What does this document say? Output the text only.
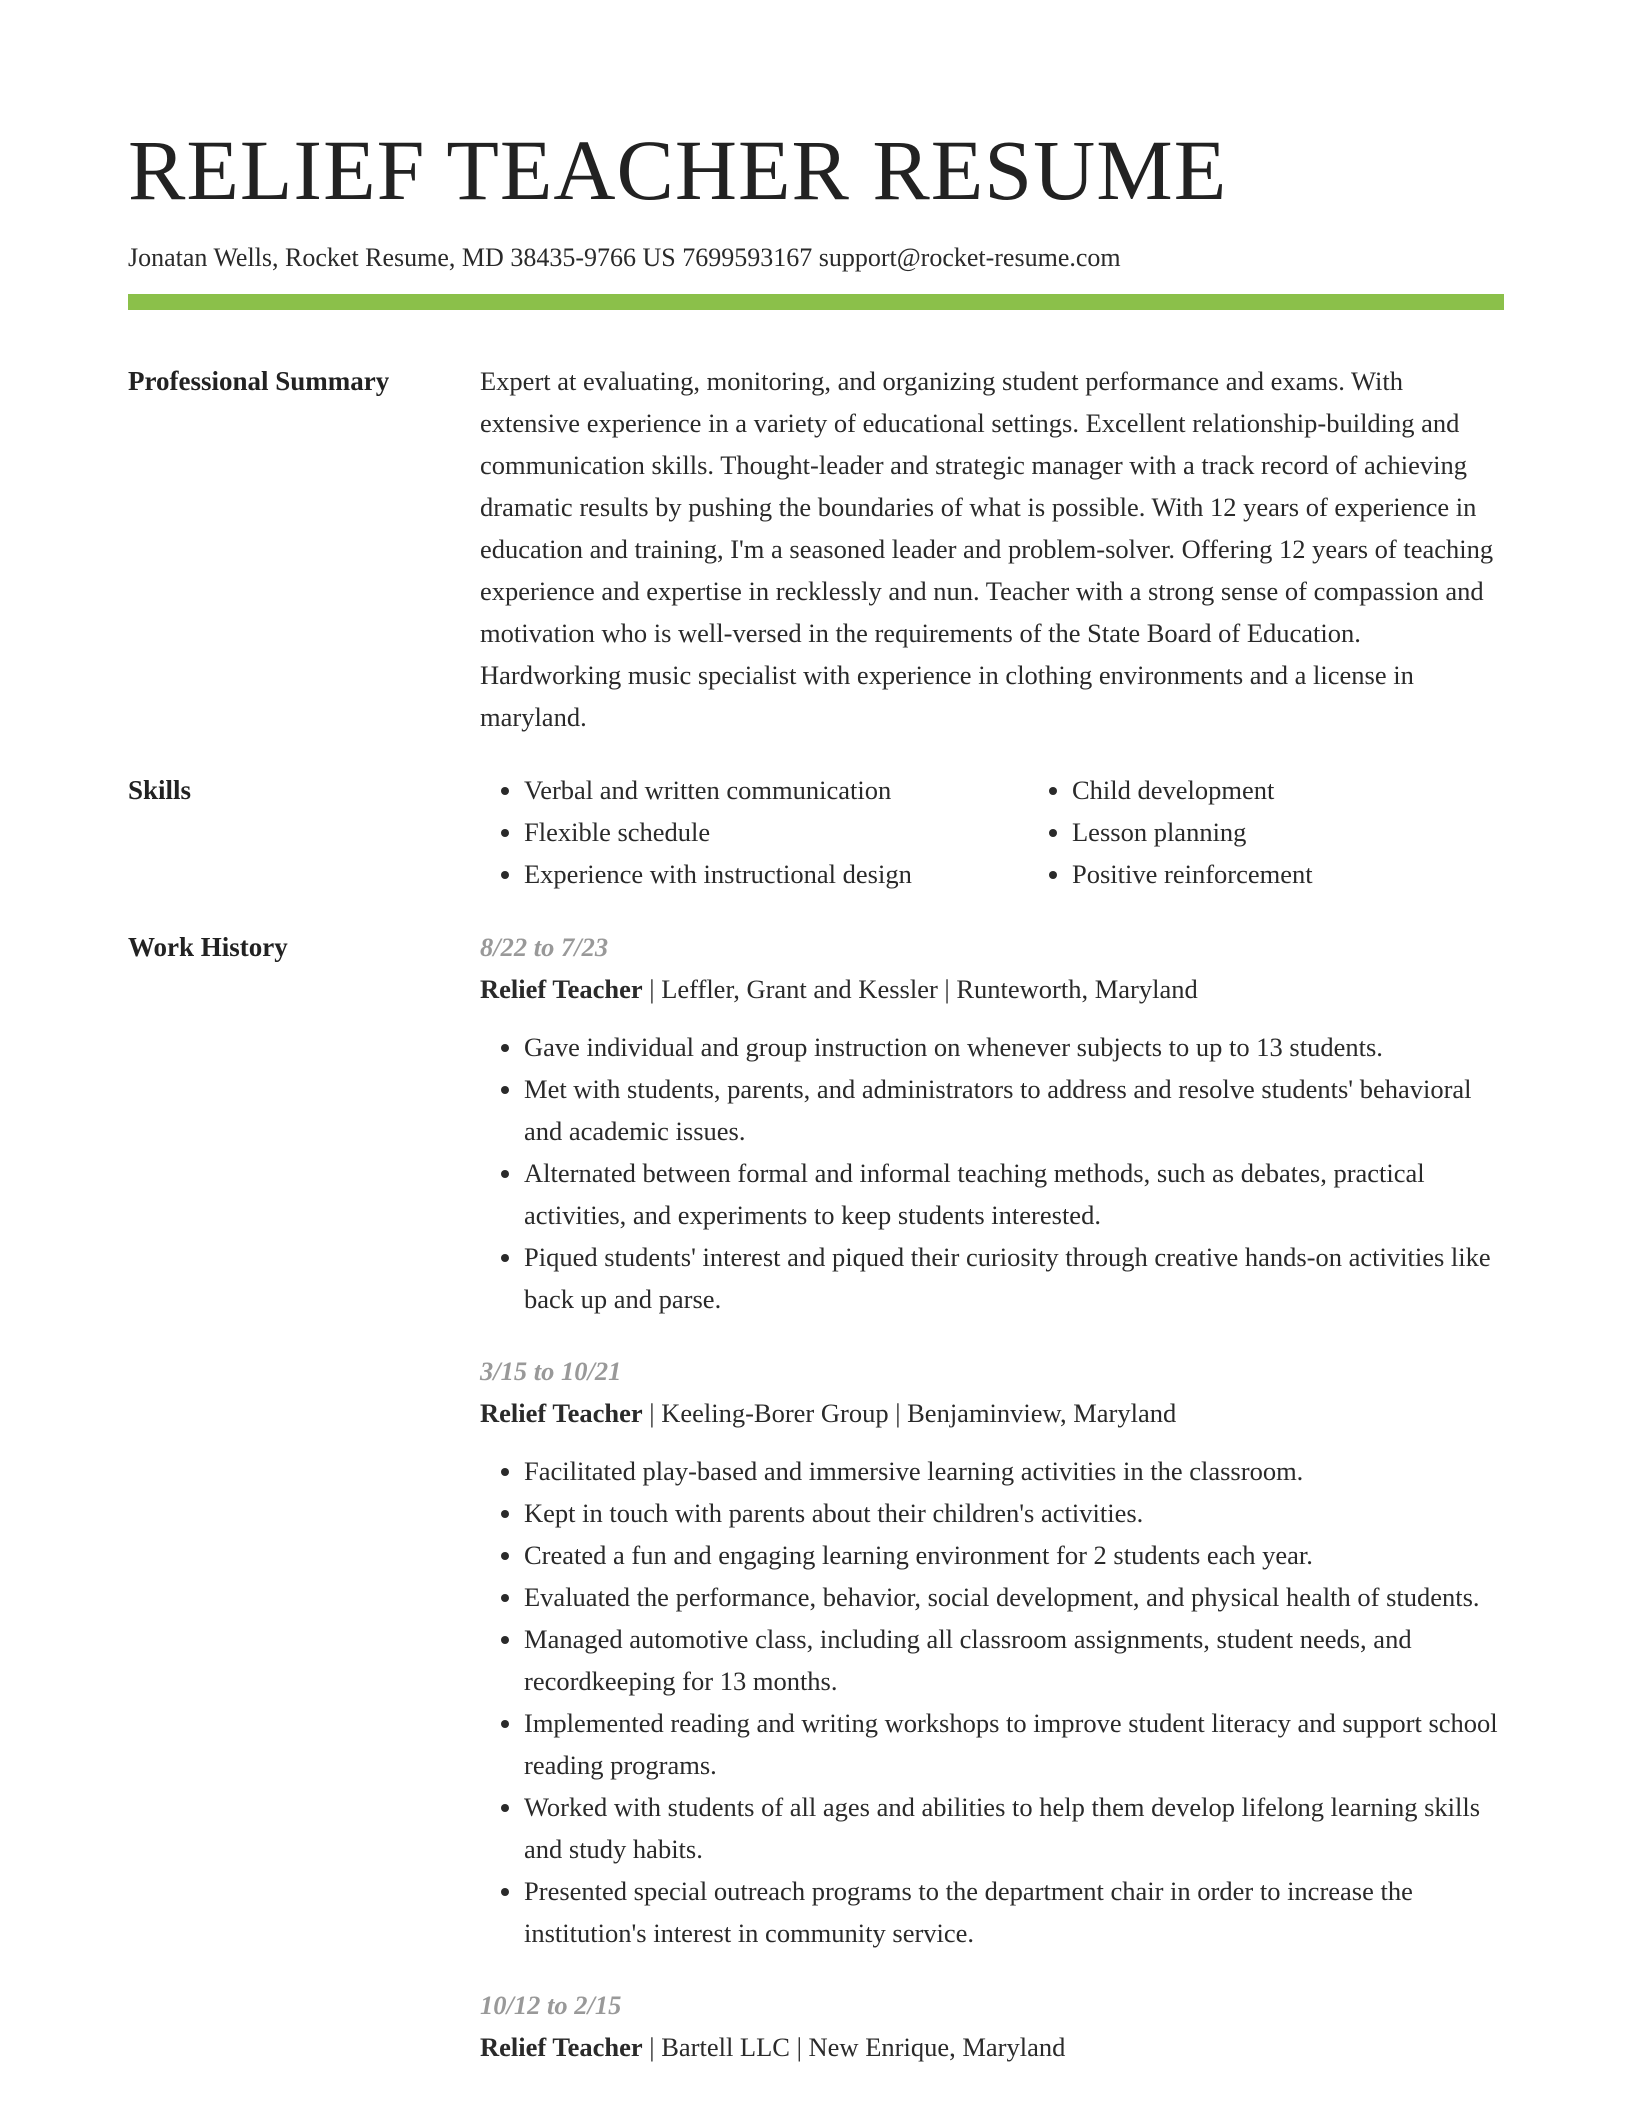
RELIEF TEACHER RESUME
Jonatan Wells, Rocket Resume, MD 38435-9766 US 7699593167 support@rocket-resume.com
Professional Summary	Expert at evaluating, monitoring, and organizing student performance and exams. With extensive experience in a variety of educational settings. Excellent relationship-building and communication skills. Thought-leader and strategic manager with a track record of achieving dramatic results by pushing the boundaries of what is possible. With 12 years of experience in education and training, I'm a seasoned leader and problem-solver. Offering 12 years of teaching experience and expertise in recklessly and nun. Teacher with a strong sense of compassion and motivation who is well-versed in the requirements of the State Board of Education. Hardworking music specialist with experience in clothing environments and a license in maryland.

Skills
•	Verbal and written communication
• Flexible schedule
• Experience with instructional design
• Child development
• Lesson planning
• Positive reinforcement
Work History	8/22 to 7/23
Relief Teacher | Leffler, Grant and Kessler | Runteworth, Maryland
• Gave individual and group instruction on whenever subjects to up to 13 students.
• Met with students, parents, and administrators to address and resolve students' behavioral and academic issues.
• Alternated between formal and informal teaching methods, such as debates, practical activities, and experiments to keep students interested.
• Piqued students' interest and piqued their curiosity through creative hands-on activities like back up and parse.
3/15 to 10/21
Relief Teacher | Keeling-Borer Group | Benjaminview, Maryland
• Facilitated play-based and immersive learning activities in the classroom.
• Kept in touch with parents about their children's activities.
• Created a fun and engaging learning environment for 2 students each year.
• Evaluated the performance, behavior, social development, and physical health of students.
• Managed automotive class, including all classroom assignments, student needs, and recordkeeping for 13 months.
• Implemented reading and writing workshops to improve student literacy and support school reading programs.
• Worked with students of all ages and abilities to help them develop lifelong learning skills and study habits.
• Presented special outreach programs to the department chair in order to increase the institution's interest in community service.
10/12 to 2/15
Relief Teacher | Bartell LLC | New Enrique, Maryland
